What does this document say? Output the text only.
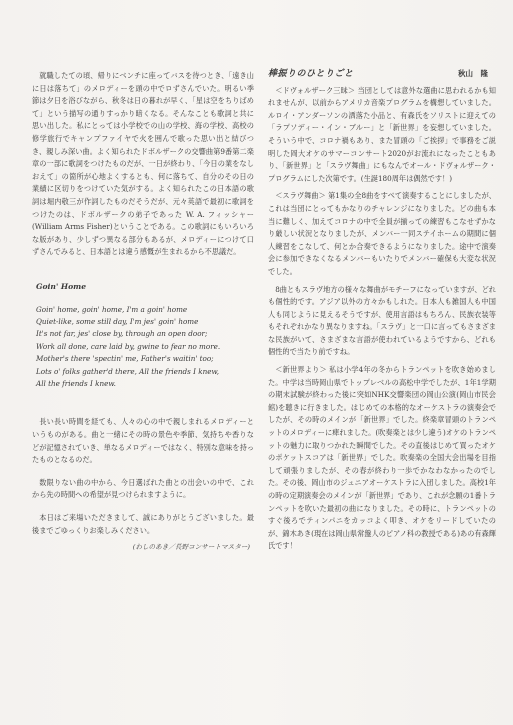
就職したての頃、帰りにベンチに座ってバスを待つとき、「遠き山に日は落ちて」のメロディーを頭の中でロずさんでいた。明るい季節は夕日を浴びながら、秋冬は日の暮れが早く、「星は空をちりばめて」という描写の通りすっかり暗くなる。そんなことも歌詞と共に思い出した。私にとっては小学校での山の学校、海の学校、高校の修学旅行でキャンプファイヤで火を囲んで歌った思い出と結びつき、親しみ深い曲。よく知られたドボルザークの交響曲第9番第二楽章の一部に歌詞をつけたものだが、一日が終わり、「今日の業をなしおえて」の箇所が心地よくするとも、何に落ちて、自分のその日の業績に区切りをつけていた気がする。よく知られたこの日本語の歌詞は堀内敬三が作詞したものだそうだが、元々英語で最初に歌詞をつけたのは、ドボルザークの弟子であった W. A. フィッシャー(William Arms Fisher)ということである。この歌詞にもいろいろな版があり、少しずつ異なる部分もあるが、メロディーにつけて口ずさんでみると、日本語とは違う感慨が生まれるから不思議だ。

Goin' Home
Goin' home, goin' home, I'm a goin' home
Quiet-like, some still day, I'm jes' goin' home
It's not far, jes' close by, through an open door;
Work all done, care laid by, gwine to fear no more.
Mother's there 'spectin' me, Father's waitin' too;
Lots o' folks gather'd there, All the friends I knew,
All the friends I knew.

長い長い時間を経ても、人々の心の中で親しまれるメロディーというものがある。曲と一緒にその時の景色や季節、気持ちや香りなどが記憶されていき、単なるメロディーではなく、特別な意味を持ったものとなるのだ。

数限りない曲の中から、今日選ばれた曲との出会いの中で、これから先の時間への希望が見つけられますように。

本日はご来場いただきまして、誠にありがとうございました。最後までごゆっくりお楽しみください。

(わしのあき／長野コンサートマスター)
棒振りのひとりごと	秋山　隆

＜ドヴォルザーク三昧＞ 当団としては意外な選曲に思われるかも知れませんが、以前からアメリカ音楽プログラムを構想していました。ルロイ・アンダーソンの洒落た小品と、有森氏をソリストに迎えての「ラプソディー・イン・ブルー」と「新世界」を妄想していました。そういう中で、コロナ禍もあり、また冒頭の「ご挨拶」で事務をご説明した岡大オケのサマーコンサート2020がお流れになったこともあり、「新世界」と「スラヴ舞曲」にもなんでオール・ドヴォルザーク・プログラムにした次第です。(生誕180周年は偶然です！)

＜スラヴ舞曲＞ 第1集の全8曲をすべて演奏することにしましたが、これは当団にとってもかなりのチャレンジになりました。どの曲も本当に難しく、加えてコロナの中で全員が揃っての練習もこなせずかなり厳しい状況となりましたが、メンバー一同ステイホームの期間に個人練習をこなして、何とか合奏できるようになりました。途中で演奏会に参加できなくなるメンバーもいたりでメンバー確保も大変な状況でした。

8曲ともスラヴ地方の様々な舞曲がモチーフになっていますが、どれも個性的です。アジア以外の方々かもしれた。日本人も雑国人も中国人も同じように見えるそうですが、使用言語はもちろん、民族衣装等もそれぞれかなり異なりますね。「スラヴ」と一口に言ってもさまざまな民族がいて、さまざまな言語が使われているようですから、どれも個性的で当たり前ですね。

＜新世界より＞ 私は小学4年の冬からトランペットを吹き始めました。中学は当時岡山県でトップレベルの高松中学でしたが、1年1学期の期末試験が終わった後に突如NHK交響楽団の岡山公演(岡山市民会館)を聴きに行きました。はじめての本格的なオーケストラの演奏会でしたが、その時のメインが「新世界」でした。終楽章冒頭のトランペットのメロディーに痺れました。(吹奏楽とは少し違う)オケのトランペットの魅力に取りつかれた瞬間でした。その直後はじめて買ったオケのポケットスコアは「新世界」でした。吹奏楽の全国大会出場を目指して頑張りましたが、その春が終わり一歩でかなわなかったのでした。その後、岡山市のジュニアオーケストラに入団しました。高校1年の時の定期演奏会のメインが「新世界」であり、これが念願の1番トランペットを吹いた最初の曲になりました。その時に、トランペットのすぐ後ろでティンパニをカッコよく叩き、オケをリードしていたのが、錦木あき(現在は岡山県常盤人のピアノ科の教授である)あの有森輝氏です！
